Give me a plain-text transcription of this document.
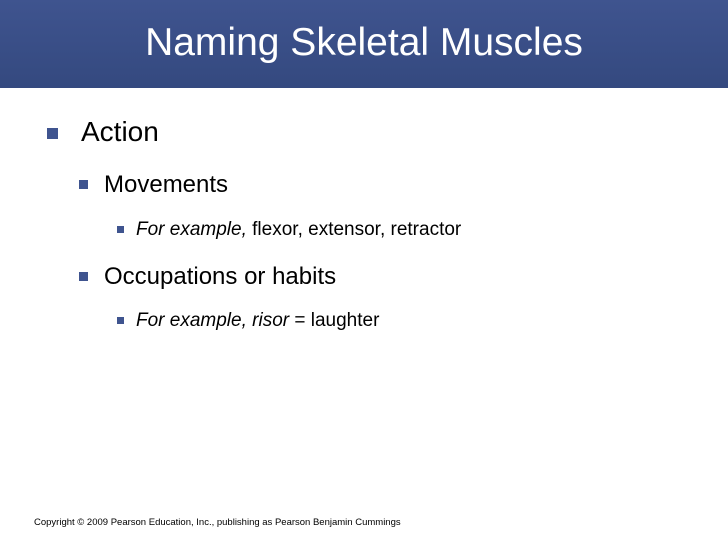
Naming Skeletal Muscles
Action
Movements
For example, flexor, extensor, retractor
Occupations or habits
For example, risor = laughter
Copyright © 2009 Pearson Education, Inc., publishing as Pearson Benjamin Cummings
